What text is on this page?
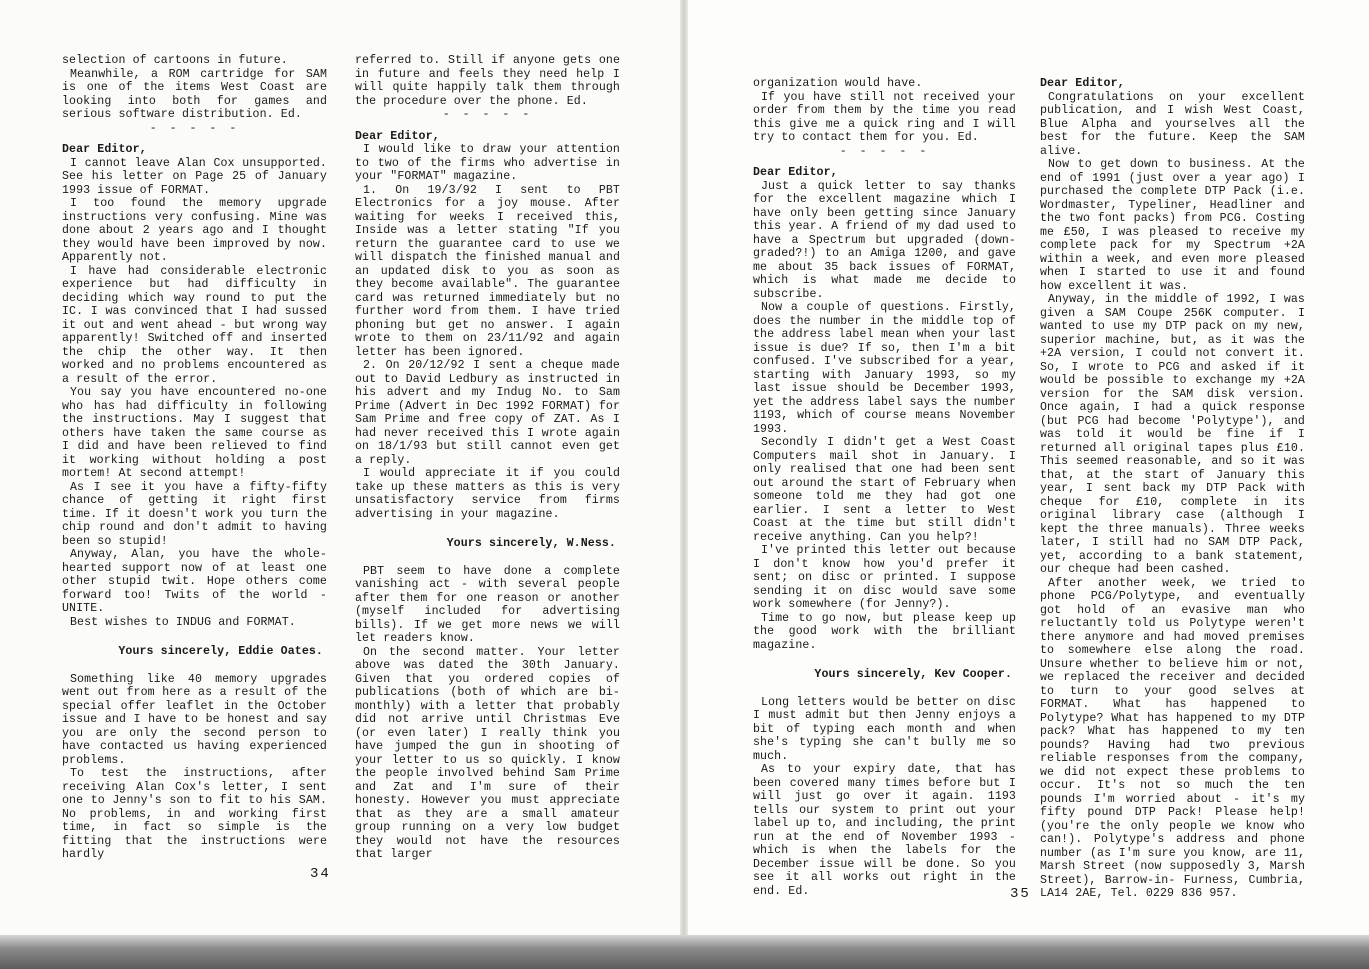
selection of cartoons in future.

Meanwhile, a ROM cartridge for SAM is one of the items West Coast are looking into both for games and serious software distribution. Ed.

- - - - -

Dear Editor,

I cannot leave Alan Cox unsupported. See his letter on Page 25 of January 1993 issue of FORMAT.

I too found the memory upgrade instructions very confusing. Mine was done about 2 years ago and I thought they would have been improved by now. Apparently not.

I have had considerable electronic experience but had difficulty in deciding which way round to put the IC. I was convinced that I had sussed it out and went ahead - but wrong way apparently! Switched off and inserted the chip the other way. It then worked and no problems encountered as a result of the error.

You say you have encountered no-one who has had difficulty in following the instructions. May I suggest that others have taken the same course as I did and have been relieved to find it working without holding a post mortem! At second attempt!

As I see it you have a fifty-fifty chance of getting it right first time. If it doesn't work you turn the chip round and don't admit to having been so stupid!

Anyway, Alan, you have the whole-hearted support now of at least one other stupid twit. Hope others come forward too! Twits of the world - UNITE.

Best wishes to INDUG and FORMAT.

Yours sincerely, Eddie Oates.

Something like 40 memory upgrades went out from here as a result of the special offer leaflet in the October issue and I have to be honest and say you are only the second person to have contacted us having experienced problems.

To test the instructions, after receiving Alan Cox's letter, I sent one to Jenny's son to fit to his SAM. No problems, in and working first time, in fact so simple is the fitting that the instructions were hardly

referred to. Still if anyone gets one in future and feels they need help I will quite happily talk them through the procedure over the phone. Ed.

- - - - -

Dear Editor,

I would like to draw your attention to two of the firms who advertise in your "FORMAT" magazine.

1. On 19/3/92 I sent to PBT Electronics for a joy mouse. After waiting for weeks I received this, Inside was a letter stating "If you return the guarantee card to use we will dispatch the finished manual and an updated disk to you as soon as they become available". The guarantee card was returned immediately but no further word from them. I have tried phoning but get no answer. I again wrote to them on 23/11/92 and again letter has been ignored.

2. On 20/12/92 I sent a cheque made out to David Ledbury as instructed in his advert and my Indug No. to Sam Prime (Advert in Dec 1992 FORMAT) for Sam Prime and free copy of ZAT. As I had never received this I wrote again on 18/1/93 but still cannot even get a reply.

I would appreciate it if you could take up these matters as this is very unsatisfactory service from firms advertising in your magazine.

Yours sincerely, W.Ness.

PBT seem to have done a complete vanishing act - with several people after them for one reason or another (myself included for advertising bills). If we get more news we will let readers know.

On the second matter. Your letter above was dated the 30th January. Given that you ordered copies of publications (both of which are bi-monthly) with a letter that probably did not arrive until Christmas Eve (or even later) I really think you have jumped the gun in shooting of your letter to us so quickly. I know the people involved behind Sam Prime and Zat and I'm sure of their honesty. However you must appreciate that as they are a small amateur group running on a very low budget they would not have the resources that larger

34

organization would have.

If you have still not received your order from them by the time you read this give me a quick ring and I will try to contact them for you. Ed.

- - - - -

Dear Editor,

Just a quick letter to say thanks for the excellent magazine which I have only been getting since January this year. A friend of my dad used to have a Spectrum but upgraded (down-graded?!) to an Amiga 1200, and gave me about 35 back issues of FORMAT, which is what made me decide to subscribe.

Now a couple of questions. Firstly, does the number in the middle top of the address label mean when your last issue is due? If so, then I'm a bit confused. I've subscribed for a year, starting with January 1993, so my last issue should be December 1993, yet the address label says the number 1193, which of course means November 1993.

Secondly I didn't get a West Coast Computers mail shot in January. I only realised that one had been sent out around the start of February when someone told me they had got one earlier. I sent a letter to West Coast at the time but still didn't receive anything. Can you help?!

I've printed this letter out because I don't know how you'd prefer it sent; on disc or printed. I suppose sending it on disc would save some work somewhere (for Jenny?).

Time to go now, but please keep up the good work with the brilliant magazine.

Yours sincerely, Kev Cooper.

Long letters would be better on disc I must admit but then Jenny enjoys a bit of typing each month and when she's typing she can't bully me so much.

As to your expiry date, that has been covered many times before but I will just go over it again. 1193 tells our system to print out your label up to, and including, the print run at the end of November 1993 - which is when the labels for the December issue will be done. So you see it all works out right in the end. Ed.

Dear Editor,

Congratulations on your excellent publication, and I wish West Coast, Blue Alpha and yourselves all the best for the future. Keep the SAM alive.

Now to get down to business. At the end of 1991 (just over a year ago) I purchased the complete DTP Pack (i.e. Wordmaster, Typeliner, Headliner and the two font packs) from PCG. Costing me £50, I was pleased to receive my complete pack for my Spectrum +2A within a week, and even more pleased when I started to use it and found how excellent it was.

Anyway, in the middle of 1992, I was given a SAM Coupe 256K computer. I wanted to use my DTP pack on my new, superior machine, but, as it was the +2A version, I could not convert it. So, I wrote to PCG and asked if it would be possible to exchange my +2A version for the SAM disk version. Once again, I had a quick response (but PCG had become 'Polytype'), and was told it would be fine if I returned all original tapes plus £10. This seemed reasonable, and so it was that, at the start of January this year, I sent back my DTP Pack with cheque for £10, complete in its original library case (although I kept the three manuals). Three weeks later, I still had no SAM DTP Pack, yet, according to a bank statement, our cheque had been cashed.

After another week, we tried to phone PCG/Polytype, and eventually got hold of an evasive man who reluctantly told us Polytype weren't there anymore and had moved premises to somewhere else along the road. Unsure whether to believe him or not, we replaced the receiver and decided to turn to your good selves at FORMAT. What has happened to Polytype? What has happened to my DTP pack? What has happened to my ten pounds? Having had two previous reliable responses from the company, we did not expect these problems to occur. It's not so much the ten pounds I'm worried about - it's my fifty pound DTP Pack! Please help! (you're the only people we know who can!). Polytype's address and phone number (as I'm sure you know, are 11, Marsh Street (now supposedly 3, Marsh Street), Barrow-in- Furness, Cumbria, LA14 2AE, Tel. 0229 836 957.

35
